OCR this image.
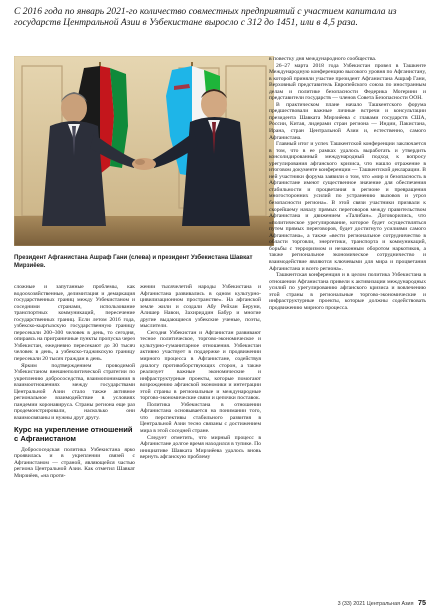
С 2016 года по январь 2021-го количество совместных предприятий с участием капитала из государств Центральной Азии в Узбекистане выросло с 312 до 1451, или в 4,5 раза.
Президент Афганистана Ашраф Гани (слева) и президент Узбекистана Шавкат Мирзиёев.

сложные и запутанные проблемы, как водоохозяйственные, делимитация и демаркация государственных границ между Узбекистаном и соседними странами, использование транспортных коммуникаций, пересечение государственных границ. Если летом 2016 года, узбекско-кыргызскую государственную границу пересекали 200–300 человек в день, то сегодня, опираясь на приграничные пункты пропуска через Узбекистан, ежедневно пересекают до 30 тысяч человек в день, а узбекско-таджикскую границу пересекали 20 тысяч граждан в день.

Ярким подтверждением проводимой Узбекистаном внешнеполитической стратегии по укреплению добрососедства, взаимопонимания в взаимоотношениях между государствами Центральной Азии стало также активное региональное взаимодействие в условиях пандемии коронавируса. Страны региона еще раз продемонстрировали, насколько они взаимосвязаны и нужны друг другу.

Курс на укрепление отношений с Афганистаном

Добрососедская политика Узбекистана ярко проявилась и в укреплении связей с Афганистаном — страной, являющейся частью региона Центральной Азии. Как отметил Шавкат Мирзиёев, «на протя-

жении тысячелетий народы Узбекистана и Афганистана развивались в одном культурно-цивилизационном пространстве». На афганской земле жили и создали Абу Рейхан Беруни, Алишер Навои, Захириддин Бабур и многие другие выдающиеся узбекские ученые, поэты, мыслители.

Сегодня Узбекистан и Афганистан развивают тесное политическое, торгово-экономическое и культурно-гуманитарное отношения. Узбекистан активно участвует в поддержке и продвижении мирного процесса в Афганистане, содействуя диалогу противоборствующих сторон, а также реализует важные экономические и инфраструктурные проекты, которые помогают возрождению афганской экономики и интеграции этой страны в региональные и международные торгово-экономические связи и цепочки поставок.

Политика Узбекистана в отношении Афганистана основывается на понимании того, что перспективы стабильного развития в Центральной Азии тесно связаны с достижением мира в этой соседней стране.

Следует отметить, что мирный процесс в Афганистане долгое время находился в тупике. По инициативе Шавката Мирзиёева удалось вновь вернуть афганскую проблему

в повестку дня международного сообщества.

26–27 марта 2018 года Узбекистан провел в Ташкенте Международную конференцию высокого уровня по Афганистану, в которой приняли участие президент Афганистана Ашраф Гани, Верховный представитель Европейского союза по иностранным делам и политике безопасности Федерика Могерини и представители государств — членов Совета Безопасности ООН.

В практическом плане начало Ташкентского форума предшествовали важные личные встречи и консультации президента Шавката Мирзиёева с главами государств США, России, Китая, лидерами стран региона — Индии, Пакистана, Ирана, стран Центральной Азии и, естественно, самого Афганистана.

Главный итог и успех Ташкентской конференции заключается в том, что в ее рамках удалось выработать и утвердить консолидированный международный подход к вопросу урегулирования афганского кризиса, что нашло отражение в итоговом документе конференции — Ташкентской декларации. В ней участники форума заявили о том, что «мир и безопасность в Афганистане имеют существенное значение для обеспечения стабильности и процветания в регионе и превращения многосторонних усилий по устранению вызовов и угроз безопасности региона». В этой связи участники призвали к скорейшему началу прямых переговоров между правительством Афганистана и движением «Талибан». Договорились, что «политическое урегулирование, которое будет осуществляться путем прямых переговоров, будет достигнуто усилиями самого Афганистана», а также «вести региональное сотрудничество в области торговли, энергетики, транспорта и коммуникаций, борьбы с терроризмом и незаконным оборотом наркотиков, а также региональное экономическое сотрудничество и взаимодействие являются ключевыми для мира и процветания Афганистана и всего региона».

Ташкентская конференция и в целом политика Узбекистана в отношении Афганистана привели к активизации международных усилий по урегулированию афганского кризиса и вовлечению этой страны в региональные торгово-экономические и инфраструктурные проекты, которые должны содействовать продвижению мирного процесса.

3 (33) 2021 Центральная Азия 75
